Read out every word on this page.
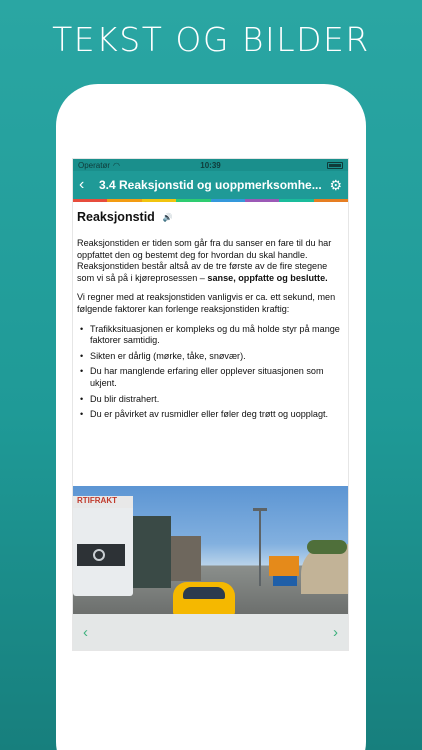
TEKST OG BILDER
Operatør ◠	10:39
‹	3.4 Reaksjonstid og uoppmerksomhe... ⚙
Reaksjonstid 🔊

Reaksjonstiden er tiden som går fra du sanser en fare til du har oppfattet den og bestemt deg for hvordan du skal handle. Reaksjonstiden består altså av de tre første av de fire stegene som vi så på i kjøreprosessen – sanse, oppfatte og beslutte.

Vi regner med at reaksjonstiden vanligvis er ca. ett sekund, men følgende faktorer kan forlenge reaksjonstiden kraftig:

• Trafikksituasjonen er kompleks og du må holde styr på mange faktorer samtidig.
• Sikten er dårlig (mørke, tåke, snøvær).
• Du har manglende erfaring eller opplever situasjonen som ukjent.
• Du blir distrahert.
• Du er påvirket av rusmidler eller føler deg trøtt og uopplagt.
RTIFRAKT
‹	›
